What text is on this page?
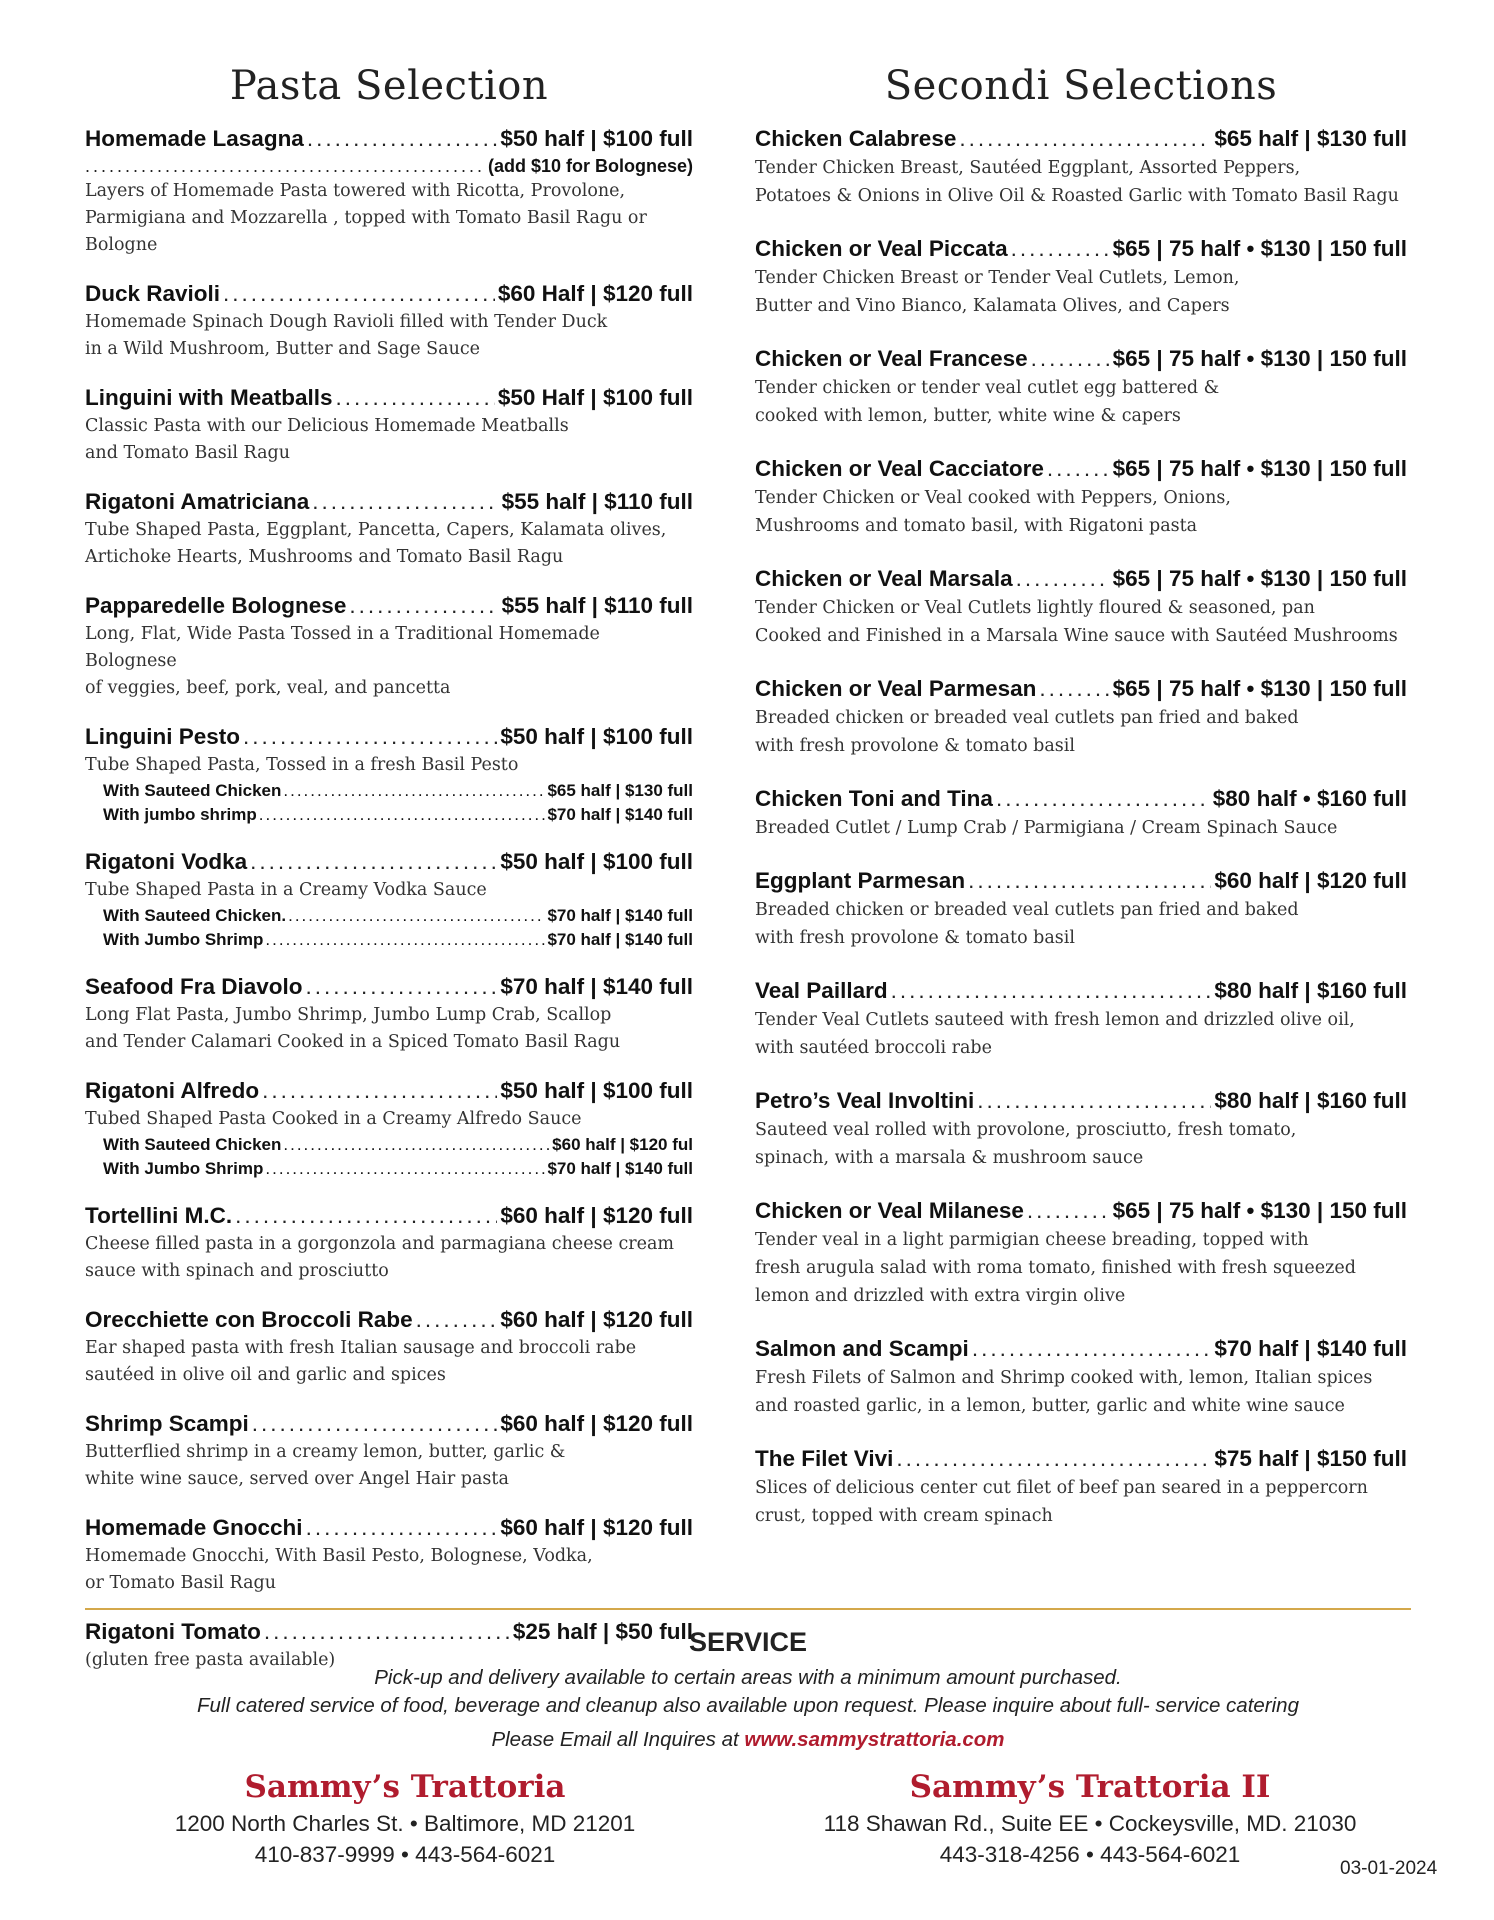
Pasta Selection
Homemade Lasagna .....	$50 half | $100 full
.....
(add $10 for Bolognese)
Layers of Homemade Pasta towered with Ricotta, Provolone,
Parmigiana and Mozzarella , topped with Tomato Basil Ragu or Bologne
Duck Ravioli .....	$60 Half | $120 full
Homemade Spinach Dough Ravioli filled with Tender Duck
in a Wild Mushroom, Butter and Sage Sauce
Linguini with Meatballs .....	$50 Half | $100 full
Classic Pasta with our Delicious Homemade Meatballs
and Tomato Basil Ragu
Rigatoni Amatriciana .....	$55 half | $110 full
Tube Shaped Pasta, Eggplant, Pancetta, Capers, Kalamata olives,
Artichoke Hearts, Mushrooms and Tomato Basil Ragu
Papparedelle Bolognese .....	$55 half | $110 full
Long, Flat, Wide Pasta Tossed in a Traditional Homemade Bolognese
of veggies, beef, pork, veal, and pancetta
Linguini Pesto .....	$50 half | $100 full
Tube Shaped Pasta, Tossed in a fresh Basil Pesto
With Sauteed Chicken .....	$65 half | $130 full
With jumbo shrimp .....	$70 half | $140 full
Rigatoni Vodka .....	$50 half | $100 full
Tube Shaped Pasta in a Creamy Vodka Sauce
With Sauteed Chicken. .....	$70 half | $140 full
With Jumbo Shrimp .....	$70 half | $140 full
Seafood Fra Diavolo .....	$70 half | $140 full
Long Flat Pasta, Jumbo Shrimp, Jumbo Lump Crab, Scallop
and Tender Calamari Cooked in a Spiced Tomato Basil Ragu
Rigatoni Alfredo .....	$50 half | $100 full
Tubed Shaped Pasta Cooked in a Creamy Alfredo Sauce
With Sauteed Chicken .....	$60 half | $120 ful
With Jumbo Shrimp .....	$70 half | $140 full
Tortellini M.C. .....	$60 half | $120 full
Cheese filled pasta in a gorgonzola and parmagiana cheese cream
sauce with spinach and prosciutto
Orecchiette con Broccoli Rabe .....	$60 half | $120 full
Ear shaped pasta with fresh Italian sausage and broccoli rabe
sautéed in olive oil and garlic and spices
Shrimp Scampi .....	$60 half | $120 full
Butterflied shrimp in a creamy lemon, butter, garlic &
white wine sauce, served over Angel Hair pasta
Homemade Gnocchi .....	$60 half | $120 full
Homemade Gnocchi, With Basil Pesto, Bolognese, Vodka,
or Tomato Basil Ragu
Rigatoni Tomato .....	$25 half | $50 full
(gluten free pasta available)
Secondi Selections
Chicken Calabrese .....	$65 half | $130 full
Tender Chicken Breast, Sautéed Eggplant, Assorted Peppers,
Potatoes & Onions in Olive Oil & Roasted Garlic with Tomato Basil Ragu
Chicken or Veal Piccata .....	$65 | 75 half • $130 | 150 full
Tender Chicken Breast or Tender Veal Cutlets, Lemon,
Butter and Vino Bianco, Kalamata Olives, and Capers
Chicken or Veal Francese .....	$65 | 75 half • $130 | 150 full
Tender chicken or tender veal cutlet egg battered &
cooked with lemon, butter, white wine & capers
Chicken or Veal Cacciatore .....	$65 | 75 half • $130 | 150 full
Tender Chicken or Veal cooked with Peppers, Onions,
Mushrooms and tomato basil, with Rigatoni pasta
Chicken or Veal Marsala .....	$65 | 75 half • $130 | 150 full
Tender Chicken or Veal Cutlets lightly floured & seasoned, pan
Cooked and Finished in a Marsala Wine sauce with Sautéed Mushrooms
Chicken or Veal Parmesan .....	$65 | 75 half • $130 | 150 full
Breaded chicken or breaded veal cutlets pan fried and baked
with fresh provolone & tomato basil
Chicken Toni and Tina .....	$80 half • $160 full
Breaded Cutlet / Lump Crab / Parmigiana / Cream Spinach Sauce
Eggplant Parmesan .....	$60 half | $120 full
Breaded chicken or breaded veal cutlets pan fried and baked
with fresh provolone & tomato basil
Veal Paillard .....	$80 half | $160 full
Tender Veal Cutlets sauteed with fresh lemon and drizzled olive oil,
with sautéed broccoli rabe
Petro’s Veal Involtini .....	$80 half | $160 full
Sauteed veal rolled with provolone, prosciutto, fresh tomato,
spinach, with a marsala & mushroom sauce
Chicken or Veal Milanese .....	$65 | 75 half • $130 | 150 full
Tender veal in a light parmigian cheese breading, topped with
fresh arugula salad with roma tomato, finished with fresh squeezed
lemon and drizzled with extra virgin olive
Salmon and Scampi .....	$70 half | $140 full
Fresh Filets of Salmon and Shrimp cooked with, lemon, Italian spices
and roasted garlic, in a lemon, butter, garlic and white wine sauce
The Filet Vivi .....	$75 half | $150 full
Slices of delicious center cut filet of beef pan seared in a peppercorn
crust, topped with cream spinach
SERVICE
Pick-up and delivery available to certain areas with a minimum amount purchased.
Full catered service of food, beverage and cleanup also available upon request. Please inquire about full- service catering
Please Email all Inquires at www.sammystrattoria.com
Sammy’s Trattoria
1200 North Charles St. • Baltimore, MD 21201
410-837-9999 • 443-564-6021
Sammy’s Trattoria II
118 Shawan Rd., Suite EE • Cockeysville, MD. 21030
443-318-4256 • 443-564-6021
03-01-2024
